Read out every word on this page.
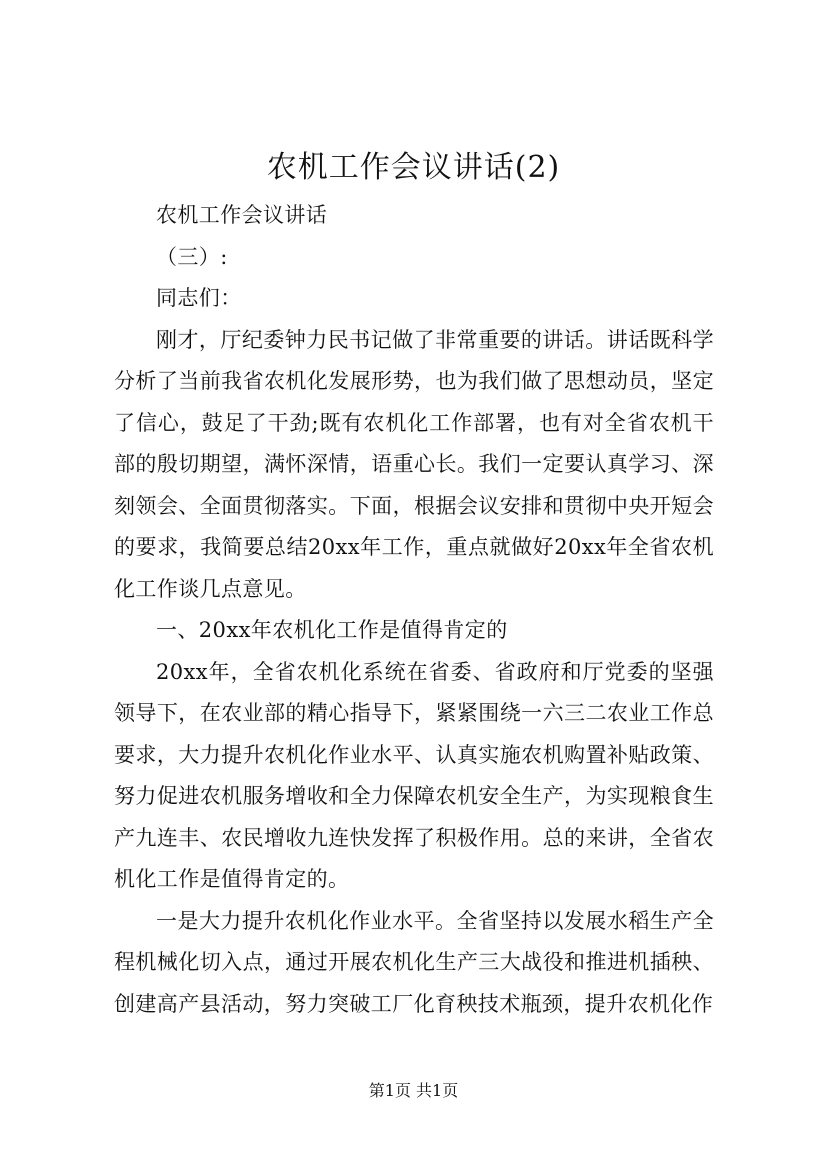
农机工作会议讲话(2)

农机工作会议讲话

（三）:

同志们：

刚才，厅纪委钟力民书记做了非常重要的讲话。讲话既科学分析了当前我省农机化发展形势，也为我们做了思想动员，坚定了信心，鼓足了干劲;既有农机化工作部署，也有对全省农机干部的殷切期望，满怀深情，语重心长。我们一定要认真学习、深刻领会、全面贯彻落实。下面，根据会议安排和贯彻中央开短会的要求，我简要总结20xx年工作，重点就做好20xx年全省农机化工作谈几点意见。

一、20xx年农机化工作是值得肯定的

20xx年，全省农机化系统在省委、省政府和厅党委的坚强领导下，在农业部的精心指导下，紧紧围绕一六三二农业工作总要求，大力提升农机化作业水平、认真实施农机购置补贴政策、努力促进农机服务增收和全力保障农机安全生产，为实现粮食生产九连丰、农民增收九连快发挥了积极作用。总的来讲，全省农机化工作是值得肯定的。

一是大力提升农机化作业水平。全省坚持以发展水稻生产全程机械化切入点，通过开展农机化生产三大战役和推进机插秧、创建高产县活动，努力突破工厂化育秧技术瓶颈，提升农机化作

第1页 共1页
